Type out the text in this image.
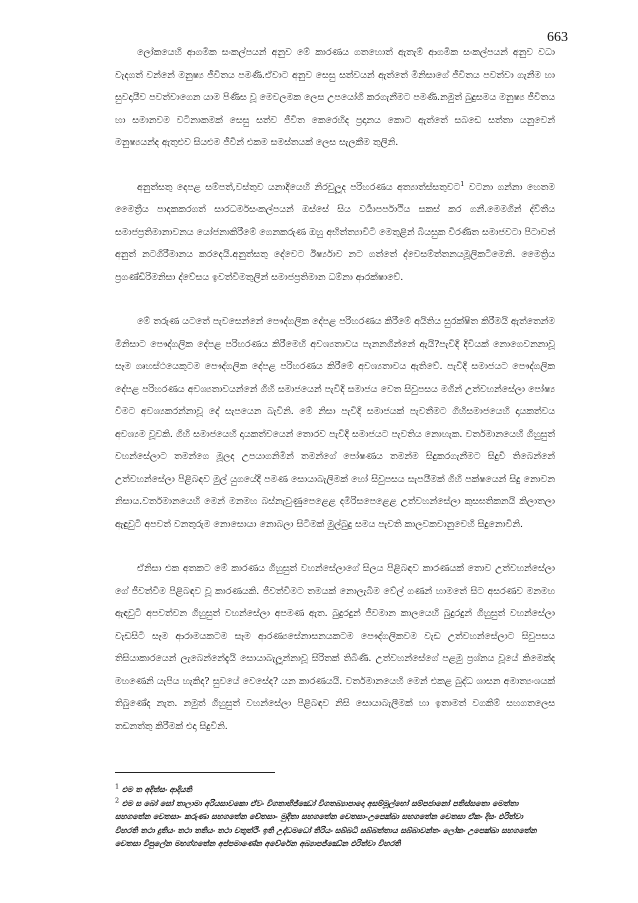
663

ලෝකයෙහි ආගමික සංකල්පයන් අනුව මේ කාරණය ගතහොත් ඇතැම් ආගමික සංකල්පයන් අනුව වධා වැදගත් වන්නේ මනුෂ්‍ය ජීවිතය පමණි.ඒවාට අනුව සෙසු සත්වයන් ඇත්තේ මිනිසාගේ ජීවිතය පවත්වා ගැනීම හා සුවදායීව පවත්වාගෙන යාම පිණිස වූ මෙවලමක ලෙස උපයෝගි කරගැනීමට පමණි.නමුත් බුදුසමය මනුෂ්‍ය ජීවිතය හා සමානවම වටිනාකමක් සෙසු සත්ව ජීවිත කෙරෙහිද ප්‍රදානය කොට ඇත්තේ සබඩෙ සත්තා යනුවෙන් මනුෂ්‍යයන්ද ඇතුළුව සියළුම ජීවීන් එකම සමස්තයක් ලෙස සැලකීම තුලිනි.

අනුත්සතු දෙපළ සම්පත්,වස්තුව යනාදියෙහි නිරවුලූද පරිහරණය අත්‍යාත්ස්සතුවට$^1$ වටනා ගන්නා හෙතම මෛත්‍රීය පාදකකරගත් සාරධර්මසංකල්පයන් ඔස්සේ සිය වර්‍යාපර්පාථිය සකස් කර ගනී.මෙමගින් ද්විතීය සමාජප්‍රතිමානාවනය යෝජනාකිරීමේ ගෙනකරුණ ඔහු අභිත්ත්‍යාවිටි මෙතුළින් බියසුක වීරණිත සමාජවටා පිටාවත් අනුත් නටගිරීමානය කරදෙයි.අනුත්සතු දේවෙට ඊර්ෂ්‍යාව නට ගත්තේ ද්වෙසම්ත්තනයමූලිකටිමෙනි. මෛත්‍රිය ප්‍රගණ්ඩිරිමනිසා ද්වේසය ඉවත්වීමතුලින් සමාජප්‍රතිමාන ධම්නා ආරක්ෂාවේ.

මේ තරුණ යටතේ පැවසෙන්නේ පෞද්ගලික දේපළ පරිහරණය කිරීමේ අයිතිය සුරක්ෂිත කිරීමයි ඇත්තෙන්ම මිනිසාට පෞද්ගලික දේපළ පරිහරණය කිරීමෙහි අවශ්‍යතාවය පැනනගින්නේ ඇයි?පැවිදි දිවියක් නොගෙවනනාවූ සෑම ගෘහස්ථයෙකුටම පෞද්ගලික දේපළ පරිහරණය කිරීමේ අවශ්‍යතාවය ඇතිවේ. පැවිදි සමාජයට පෞද්ගලික දේපළ පරිහරණය අවශ්‍යතාවයන්නේ ගිහි සමාජයෙන් පැවිදි සමාජය වෙත සිවුපසය මගින් උත්වහන්සේලා පෝෂ්‍ය විමට අවශ්‍යකරන්නාවූ දේ සැපයෙන බැවිනි. මේ නිසා පැවිදි සමාජයක් පැවතීමට ගිහිසමාජයෙහි දායකත්වය අවශ්‍යම වූවකි. ගිහි සමාජයෙහි දායකත්වයෙන් තොරව පැවිදි සමාජයට පැවතිය නොහැක. වර්තමානයෙහි ගිහුසුත් වහන්සේලාට තමන්ගෙ මූලද උපයාගනිමින් තමන්ගේ පෝෂණය තමන්ම සිදුකරගැනීමට සිදුවී තිබෙන්නේ උත්වහන්සේලා පිළිබඳව මුල් යුගයේදි පමණ සොයාබැලිමක් හෝ සිවුපසය සැපයීමක් ගිහි පක්ෂයෙන් සිදු නොවන නිසාය.වර්තමානයෙහි මෙන් මනමහ බස්නැවුණුපෙළෙළ දමිරිසපෙළෙළ උත්වහන්සේලා කුසඝතිකනයි කිලාතලා ඇඳුවුටි අපවත් වනතුරුම නොසොයා නොබලා සිටිමක් මුල්බුදු සමය පැවති කාලවකවානුවෙහි සිදුනොවිනි.

ඒනිසා එක අතකට මේ කාරණය ගිහුසුත් වහන්සේලාගේ සිලය පිළිබඳව කාරණයක් තොව උත්වහන්සේලා ගේ ජීවත්වීම පිළිබඳව වූ කාරණයකි. ජීවත්වීමට තමයක් නොලැබීම වේල් ගණන් හාමතේ සිට අසරණව මනමහ ඇඳවුටි අපවත්වන ගිහුසුත් වහන්සේලා අපමණ ඇත. බුදුරදුන් ජීවමාන කාලයෙහි බුදුරදුන් ගිහුසුත් වහන්සේලා වැඩසිටි සෑම ආරාමයකටම සෑම ආරණ්‍යසේනාසනයකටම පෞද්ගලිකවම වැඩ උත්වහන්සේලාට සිවුපසය තිසියාකාරයෙන් ලැබෙන්නේදැයි සොයාබැලූන්නාවූ සිරිතක් තිබිණි. උත්වහන්සේගේ පළමු ප්‍රශ්නය වූයේ කිමෙක්ද මහණෙනි යැපිය හැකිද? සුවයේ වෙසේද? යන කාරණයයි. වර්තමානයෙහි මෙන් එකළ බුද්ධ ශාසන අමාත්‍යංශයක් තිබුණේද නැත. නමුත් ගිහුසුත් වහන්සේලා පිළිබඳව නිසි සොයාබැලීමක් හා ඉතාමත් වගකිම් සහගතලෙස තඩනත්තු කිරීමක් එදා සිදුවිනි.

$^1$ එම ත අදිත්සං ආදියති

$^2$ එම ස බෝ සෝ තාලාමා අරියසාවකො ඒවං විගතාභිජ්ඣෝ විගතබ්‍යාපාදො අසම්මූල්හෝ සම්පජානෝ පතිස්සතො මෙත්තා සහගතේන චෙතසා- කරුණා සහගතේන චේතසා- මුදිතා සහගතේන චෙතසා-උපෙක්ඛා සහගතේන චෙතසා ඒකං දිසං ඵරිත්වා විහරති තථා දුතියං තථා තතියං තථා චතුත්ථිං ඉති උද්ධමධෝ තිරියං සබ්බධි සබ්බත්තාය සබ්බාවන්තං ලෝකං උපෙක්ඛා සහගතේන චෙතසා විපුලේන මහග්ගතේන අප්පමාණේන අවේරේන අබ්‍යාපජ්ඣේන ඵරිත්වා විහරති
